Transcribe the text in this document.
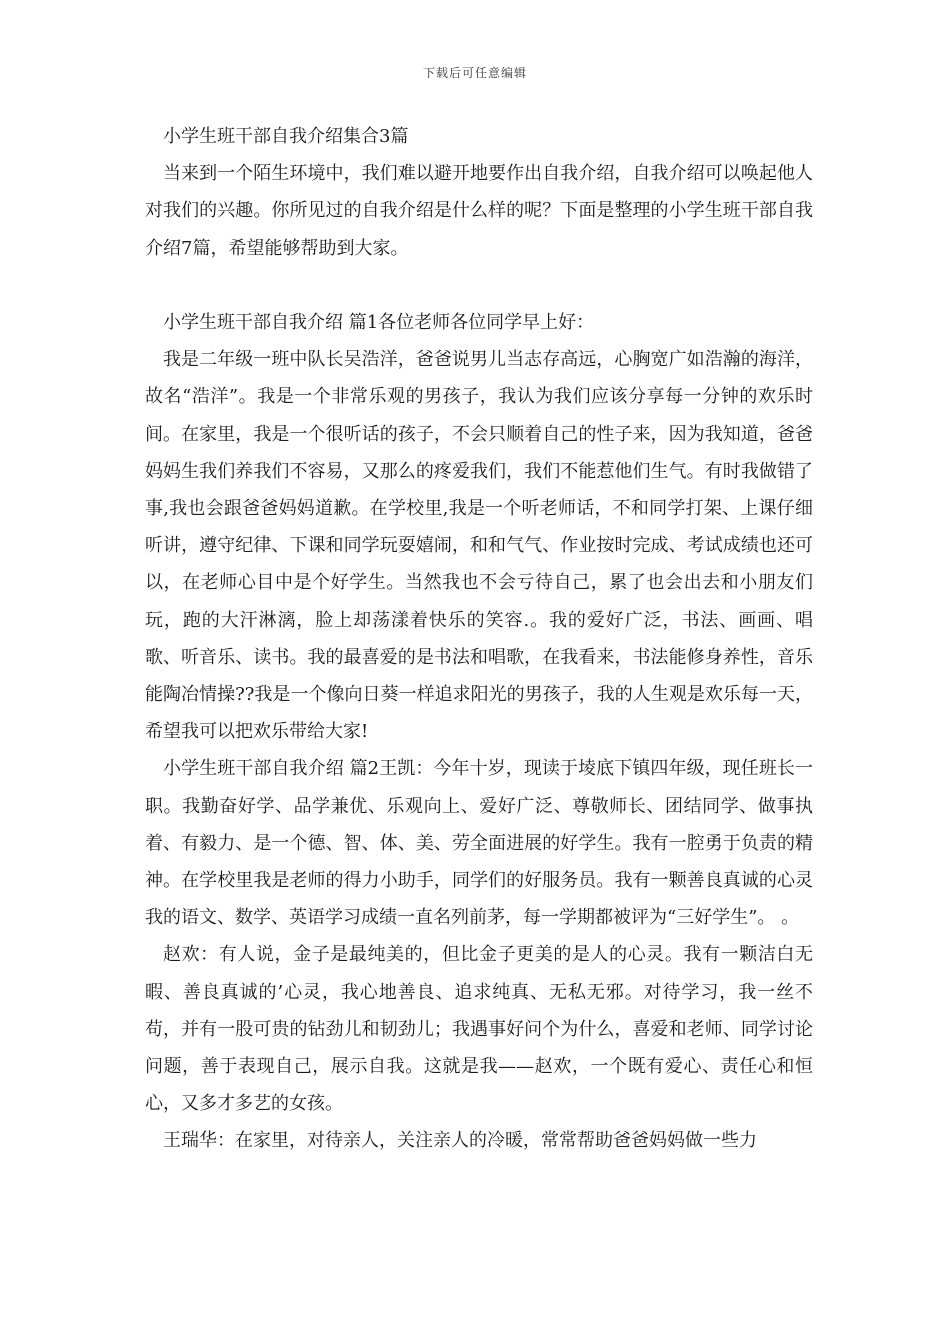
下载后可任意编辑

小学生班干部自我介绍集合3篇

当来到一个陌生环境中，我们难以避开地要作出自我介绍，自我介绍可以唤起他人对我们的兴趣。你所见过的自我介绍是什么样的呢？下面是整理的小学生班干部自我介绍7篇，希望能够帮助到大家。

小学生班干部自我介绍 篇1各位老师各位同学早上好：

我是二年级一班中队长吴浩洋，爸爸说男儿当志存高远，心胸宽广如浩瀚的海洋，故名“浩洋”。我是一个非常乐观的男孩子，我认为我们应该分享每一分钟的欢乐时间。在家里，我是一个很听话的孩子，不会只顺着自己的性子来，因为我知道，爸爸妈妈生我们养我们不容易，又那么的疼爱我们，我们不能惹他们生气。有时我做错了事,我也会跟爸爸妈妈道歉。在学校里,我是一个听老师话，不和同学打架、上课仔细听讲，遵守纪律、下课和同学玩耍嬉闹，和和气气、作业按时完成、考试成绩也还可以，在老师心目中是个好学生。当然我也不会亏待自己，累了也会出去和小朋友们玩，跑的大汗淋漓，脸上却荡漾着快乐的笑容.。我的爱好广泛，书法、画画、唱歌、听音乐、读书。我的最喜爱的是书法和唱歌，在我看来，书法能修身养性，音乐能陶冶情操??我是一个像向日葵一样追求阳光的男孩子，我的人生观是欢乐每一天，希望我可以把欢乐带给大家!

小学生班干部自我介绍 篇2王凯：今年十岁，现读于堎底下镇四年级，现任班长一职。我勤奋好学、品学兼优、乐观向上、爱好广泛、尊敬师长、团结同学、做事执着、有毅力、是一个德、智、体、美、劳全面进展的好学生。我有一腔勇于负责的精神。在学校里我是老师的得力小助手，同学们的好服务员。我有一颗善良真诚的心灵我的语文、数学、英语学习成绩一直名列前茅，每一学期都被评为“三好学生”。 。

赵欢：有人说，金子是最纯美的，但比金子更美的是人的心灵。我有一颗洁白无暇、善良真诚的’心灵，我心地善良、追求纯真、无私无邪。对待学习，我一丝不苟，并有一股可贵的钻劲儿和韧劲儿；我遇事好问个为什么，喜爱和老师、同学讨论问题，善于表现自己，展示自我。这就是我——赵欢，一个既有爱心、责任心和恒心，又多才多艺的女孩。

王瑞华：在家里，对待亲人，关注亲人的冷暖，常常帮助爸爸妈妈做一些力
